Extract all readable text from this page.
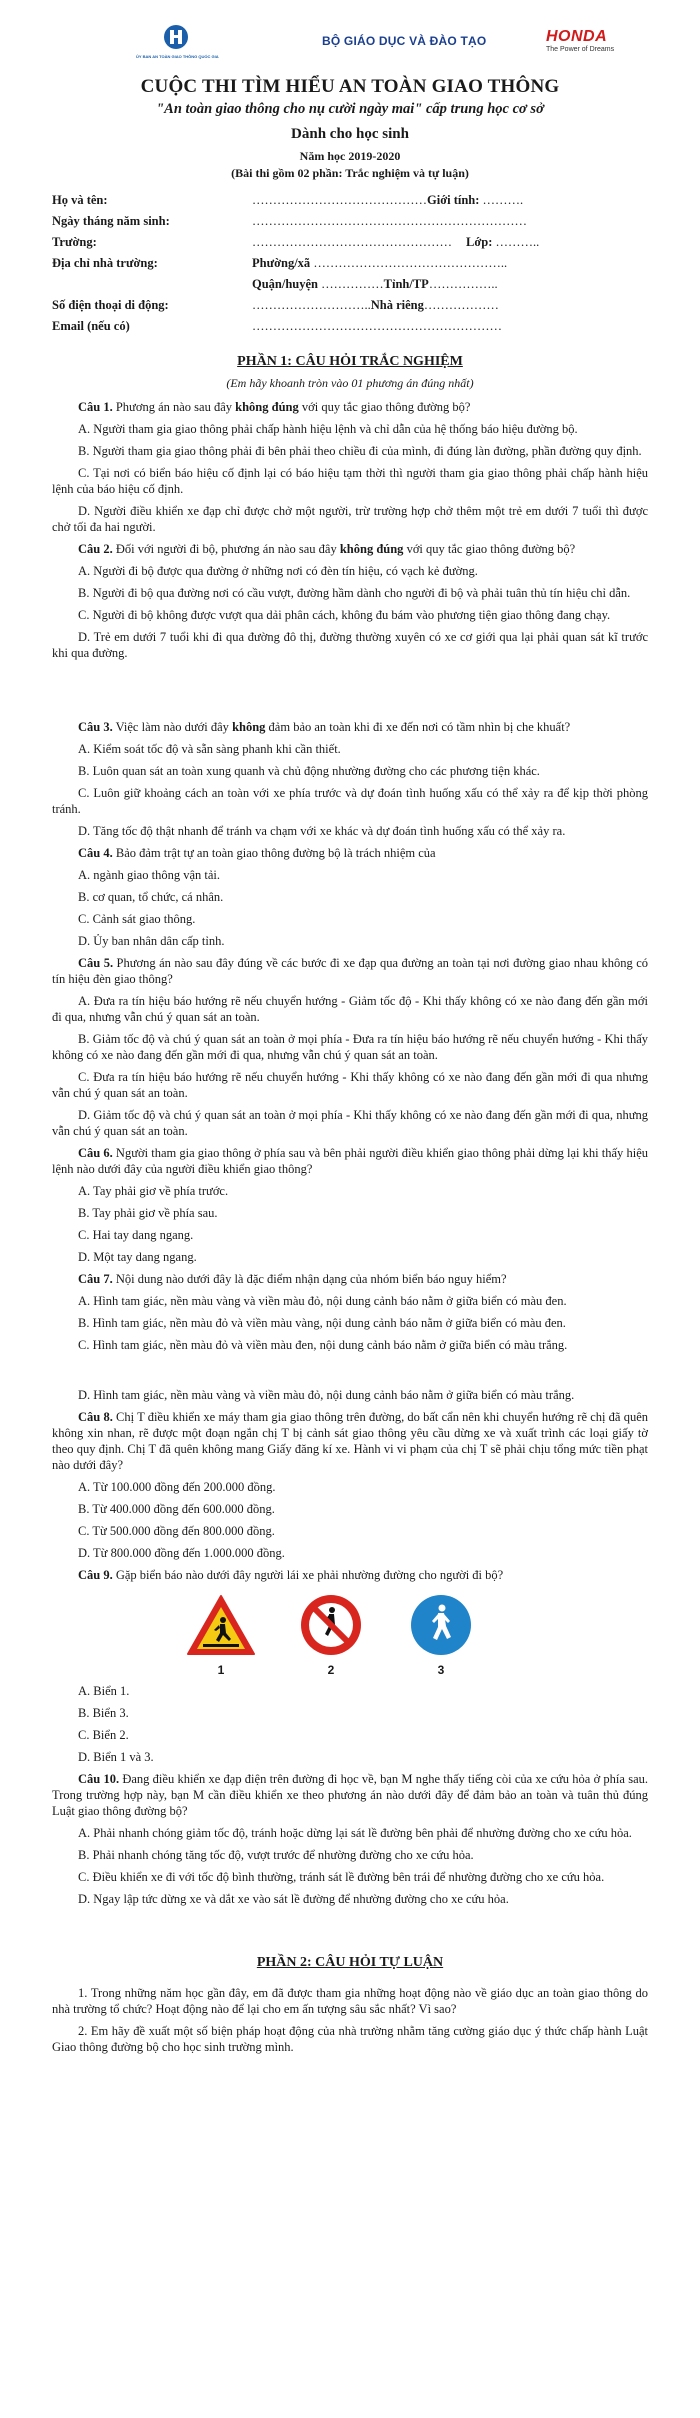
ỦY BAN AN TOÀN GIAO THÔNG QUỐC GIA
BỘ GIÁO DỤC VÀ ĐÀO TẠO	HONDA
The Power of Dreams
CUỘC THI TÌM HIỂU AN TOÀN GIAO THÔNG
"An toàn giao thông cho nụ cười ngày mai" cấp trung học cơ sở
Dành cho học sinh
Năm học 2019-2020
(Bài thi gồm 02 phần: Trắc nghiệm và tự luận)
Họ và tên:	……………………………………Giới tính: ……….
Ngày tháng năm sinh:	…………………………………………………………
Trường:	………………………………………… Lớp: ………..
Địa chỉ nhà trường:	Phường/xã ………………………………………..
Quận/huyện ……………Tỉnh/TP……………..
Số điện thoại di động:	………………………..Nhà riêng………………
Email (nếu có)	……………………………………………………
PHẦN 1: CÂU HỎI TRẮC NGHIỆM
(Em hãy khoanh tròn vào 01 phương án đúng nhất)

Câu 1. Phương án nào sau đây không đúng với quy tắc giao thông đường bộ?

A. Người tham gia giao thông phải chấp hành hiệu lệnh và chỉ dẫn của hệ thống báo hiệu đường bộ.

B. Người tham gia giao thông phải đi bên phải theo chiều đi của mình, đi đúng làn đường, phần đường quy định.

C. Tại nơi có biển báo hiệu cố định lại có báo hiệu tạm thời thì người tham gia giao thông phải chấp hành hiệu lệnh của báo hiệu cố định.

D. Người điều khiển xe đạp chỉ được chở một người, trừ trường hợp chở thêm một trẻ em dưới 7 tuổi thì được chở tối đa hai người.

Câu 2. Đối với người đi bộ, phương án nào sau đây không đúng với quy tắc giao thông đường bộ?

A. Người đi bộ được qua đường ở những nơi có đèn tín hiệu, có vạch kẻ đường.

B. Người đi bộ qua đường nơi có cầu vượt, đường hầm dành cho người đi bộ và phải tuân thủ tín hiệu chỉ dẫn.

C. Người đi bộ không được vượt qua dải phân cách, không đu bám vào phương tiện giao thông đang chạy.

D. Trẻ em dưới 7 tuổi khi đi qua đường đô thị, đường thường xuyên có xe cơ giới qua lại phải quan sát kĩ trước khi qua đường.

Câu 3. Việc làm nào dưới đây không đảm bảo an toàn khi đi xe đến nơi có tầm nhìn bị che khuất?

A. Kiểm soát tốc độ và sẵn sàng phanh khi cần thiết.

B. Luôn quan sát an toàn xung quanh và chủ động nhường đường cho các phương tiện khác.

C. Luôn giữ khoảng cách an toàn với xe phía trước và dự đoán tình huống xấu có thể xảy ra để kịp thời phòng tránh.

D. Tăng tốc độ thật nhanh để tránh va chạm với xe khác và dự đoán tình huống xấu có thể xảy ra.

Câu 4. Bảo đảm trật tự an toàn giao thông đường bộ là trách nhiệm của

A. ngành giao thông vận tải.

B. cơ quan, tổ chức, cá nhân.

C. Cảnh sát giao thông.

D. Ủy ban nhân dân cấp tỉnh.

Câu 5. Phương án nào sau đây đúng về các bước đi xe đạp qua đường an toàn tại nơi đường giao nhau không có tín hiệu đèn giao thông?

A. Đưa ra tín hiệu báo hướng rẽ nếu chuyển hướng - Giảm tốc độ - Khi thấy không có xe nào đang đến gần mới đi qua, nhưng vẫn chú ý quan sát an toàn.

B. Giảm tốc độ và chú ý quan sát an toàn ở mọi phía - Đưa ra tín hiệu báo hướng rẽ nếu chuyển hướng - Khi thấy không có xe nào đang đến gần mới đi qua, nhưng vẫn chú ý quan sát an toàn.

C. Đưa ra tín hiệu báo hướng rẽ nếu chuyển hướng - Khi thấy không có xe nào đang đến gần mới đi qua nhưng vẫn chú ý quan sát an toàn.

D. Giảm tốc độ và chú ý quan sát an toàn ở mọi phía - Khi thấy không có xe nào đang đến gần mới đi qua, nhưng vẫn chú ý quan sát an toàn.

Câu 6. Người tham gia giao thông ở phía sau và bên phải người điều khiển giao thông phải dừng lại khi thấy hiệu lệnh nào dưới đây của người điều khiển giao thông?

A. Tay phải giơ về phía trước.

B. Tay phải giơ về phía sau.

C. Hai tay dang ngang.

D. Một tay dang ngang.

Câu 7. Nội dung nào dưới đây là đặc điểm nhận dạng của nhóm biển báo nguy hiểm?

A. Hình tam giác, nền màu vàng và viền màu đỏ, nội dung cảnh báo nằm ở giữa biển có màu đen.

B. Hình tam giác, nền màu đỏ và viền màu vàng, nội dung cảnh báo nằm ở giữa biển có màu đen.

C. Hình tam giác, nền màu đỏ và viền màu đen, nội dung cảnh báo nằm ở giữa biển có màu trắng.

D. Hình tam giác, nền màu vàng và viền màu đỏ, nội dung cảnh báo nằm ở giữa biển có màu trắng.

Câu 8. Chị T điều khiển xe máy tham gia giao thông trên đường, do bất cẩn nên khi chuyển hướng rẽ chị đã quên không xin nhan, rẽ được một đoạn ngắn chị T bị cảnh sát giao thông yêu cầu dừng xe và xuất trình các loại giấy tờ theo quy định. Chị T đã quên không mang Giấy đăng kí xe. Hành vi vi phạm của chị T sẽ phải chịu tổng mức tiền phạt nào dưới đây?

A. Từ 100.000 đồng đến 200.000 đồng.

B. Từ 400.000 đồng đến 600.000 đồng.

C. Từ 500.000 đồng đến 800.000 đồng.

D. Từ 800.000 đồng đến 1.000.000 đồng.

Câu 9. Gặp biển báo nào dưới đây người lái xe phải nhường đường cho người đi bộ?

1	2	3

A. Biển 1.

B. Biển 3.

C. Biển 2.

D. Biển 1 và 3.

Câu 10. Đang điều khiển xe đạp điện trên đường đi học về, bạn M nghe thấy tiếng còi của xe cứu hỏa ở phía sau. Trong trường hợp này, bạn M cần điều khiển xe theo phương án nào dưới đây để đảm bảo an toàn và tuân thủ đúng Luật giao thông đường bộ?

A. Phải nhanh chóng giảm tốc độ, tránh hoặc dừng lại sát lề đường bên phải để nhường đường cho xe cứu hỏa.

B. Phải nhanh chóng tăng tốc độ, vượt trước để nhường đường cho xe cứu hỏa.

C. Điều khiển xe đi với tốc độ bình thường, tránh sát lề đường bên trái để nhường đường cho xe cứu hỏa.

D. Ngay lập tức dừng xe và dắt xe vào sát lề đường để nhường đường cho xe cứu hỏa.

PHẦN 2: CÂU HỎI TỰ LUẬN

1. Trong những năm học gần đây, em đã được tham gia những hoạt động nào về giáo dục an toàn giao thông do nhà trường tổ chức? Hoạt động nào để lại cho em ấn tượng sâu sắc nhất? Vì sao?

2. Em hãy đề xuất một số biện pháp hoạt động của nhà trường nhằm tăng cường giáo dục ý thức chấp hành Luật Giao thông đường bộ cho học sinh trường mình.
